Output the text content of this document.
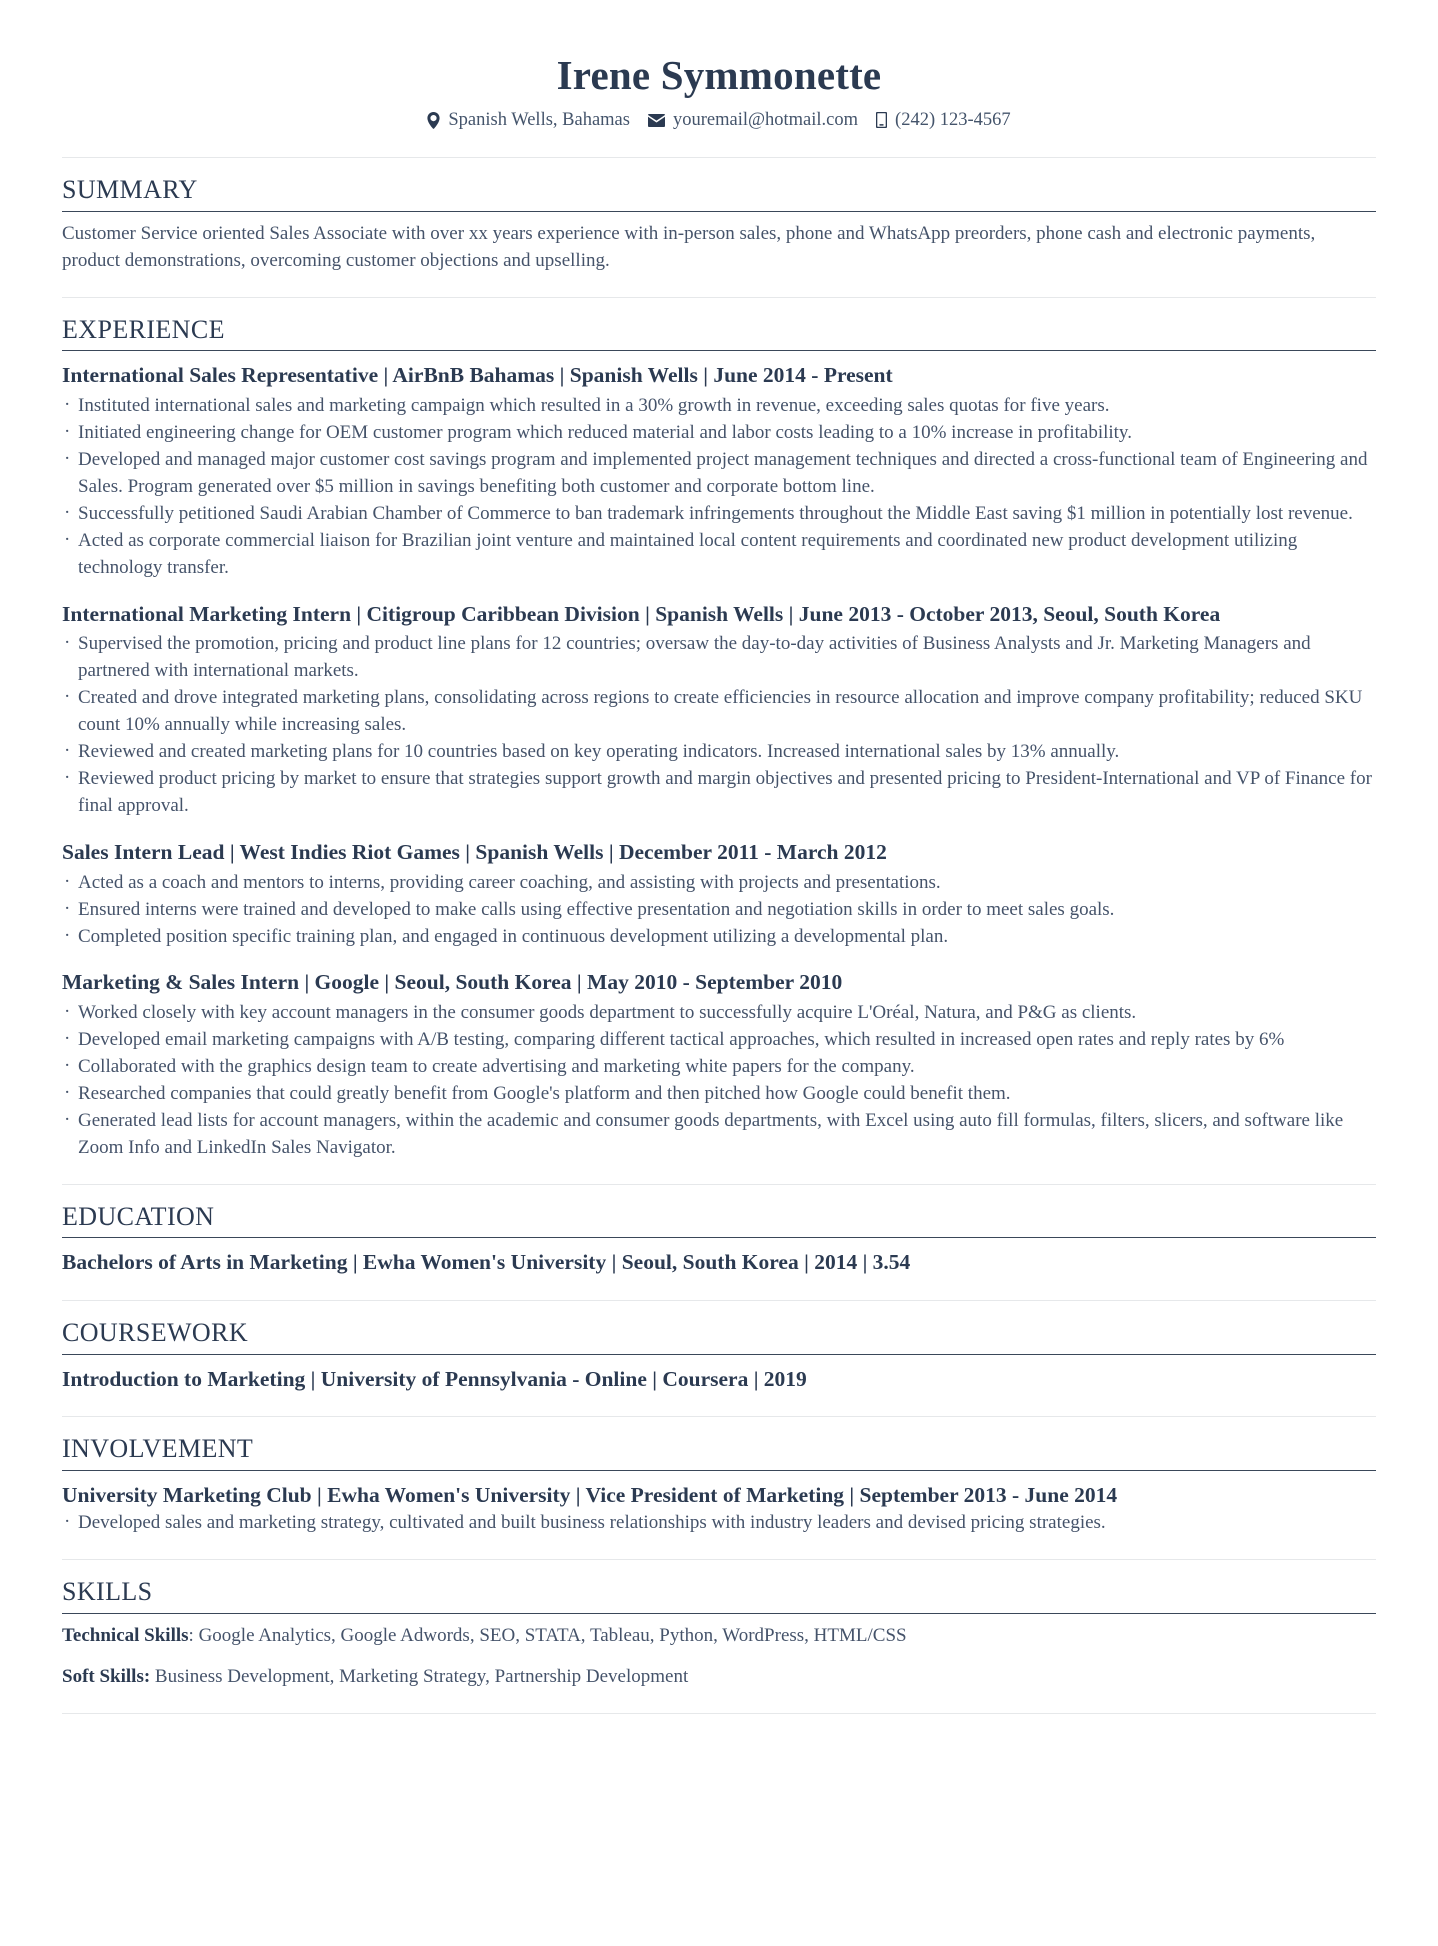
Irene Symmonette
Spanish Wells, Bahamas youremail@hotmail.com (242) 123-4567
SUMMARY

Customer Service oriented Sales Associate with over xx years experience with in-person sales, phone and WhatsApp preorders, phone cash and electronic payments, product demonstrations, overcoming customer objections and upselling.

EXPERIENCE
International Sales Representative | AirBnB Bahamas | Spanish Wells | June 2014 - Present
· Instituted international sales and marketing campaign which resulted in a 30% growth in revenue, exceeding sales quotas for five years.
· Initiated engineering change for OEM customer program which reduced material and labor costs leading to a 10% increase in profitability.
· Developed and managed major customer cost savings program and implemented project management techniques and directed a cross-functional team of Engineering and Sales. Program generated over $5 million in savings benefiting both customer and corporate bottom line.
· Successfully petitioned Saudi Arabian Chamber of Commerce to ban trademark infringements throughout the Middle East saving $1 million in potentially lost revenue.
· Acted as corporate commercial liaison for Brazilian joint venture and maintained local content requirements and coordinated new product development utilizing technology transfer.
International Marketing Intern | Citigroup Caribbean Division | Spanish Wells | June 2013 - October 2013, Seoul, South Korea
· Supervised the promotion, pricing and product line plans for 12 countries; oversaw the day-to-day activities of Business Analysts and Jr. Marketing Managers and partnered with international markets.
· Created and drove integrated marketing plans, consolidating across regions to create efficiencies in resource allocation and improve company profitability; reduced SKU count 10% annually while increasing sales.
· Reviewed and created marketing plans for 10 countries based on key operating indicators. Increased international sales by 13% annually.
· Reviewed product pricing by market to ensure that strategies support growth and margin objectives and presented pricing to President-International and VP of Finance for final approval.
Sales Intern Lead | West Indies Riot Games | Spanish Wells | December 2011 - March 2012
· Acted as a coach and mentors to interns, providing career coaching, and assisting with projects and presentations.
· Ensured interns were trained and developed to make calls using effective presentation and negotiation skills in order to meet sales goals.
· Completed position specific training plan, and engaged in continuous development utilizing a developmental plan.
Marketing & Sales Intern | Google | Seoul, South Korea | May 2010 - September 2010
· Worked closely with key account managers in the consumer goods department to successfully acquire L'Oréal, Natura, and P&G as clients.
· Developed email marketing campaigns with A/B testing, comparing different tactical approaches, which resulted in increased open rates and reply rates by 6%
· Collaborated with the graphics design team to create advertising and marketing white papers for the company.
· Researched companies that could greatly benefit from Google's platform and then pitched how Google could benefit them.
· Generated lead lists for account managers, within the academic and consumer goods departments, with Excel using auto fill formulas, filters, slicers, and software like Zoom Info and LinkedIn Sales Navigator.
EDUCATION
Bachelors of Arts in Marketing | Ewha Women's University | Seoul, South Korea | 2014 | 3.54
COURSEWORK
Introduction to Marketing | University of Pennsylvania - Online | Coursera | 2019
INVOLVEMENT
University Marketing Club | Ewha Women's University | Vice President of Marketing | September 2013 - June 2014
· Developed sales and marketing strategy, cultivated and built business relationships with industry leaders and devised pricing strategies.
SKILLS

Technical Skills: Google Analytics, Google Adwords, SEO, STATA, Tableau, Python, WordPress, HTML/CSS

Soft Skills: Business Development, Marketing Strategy, Partnership Development
